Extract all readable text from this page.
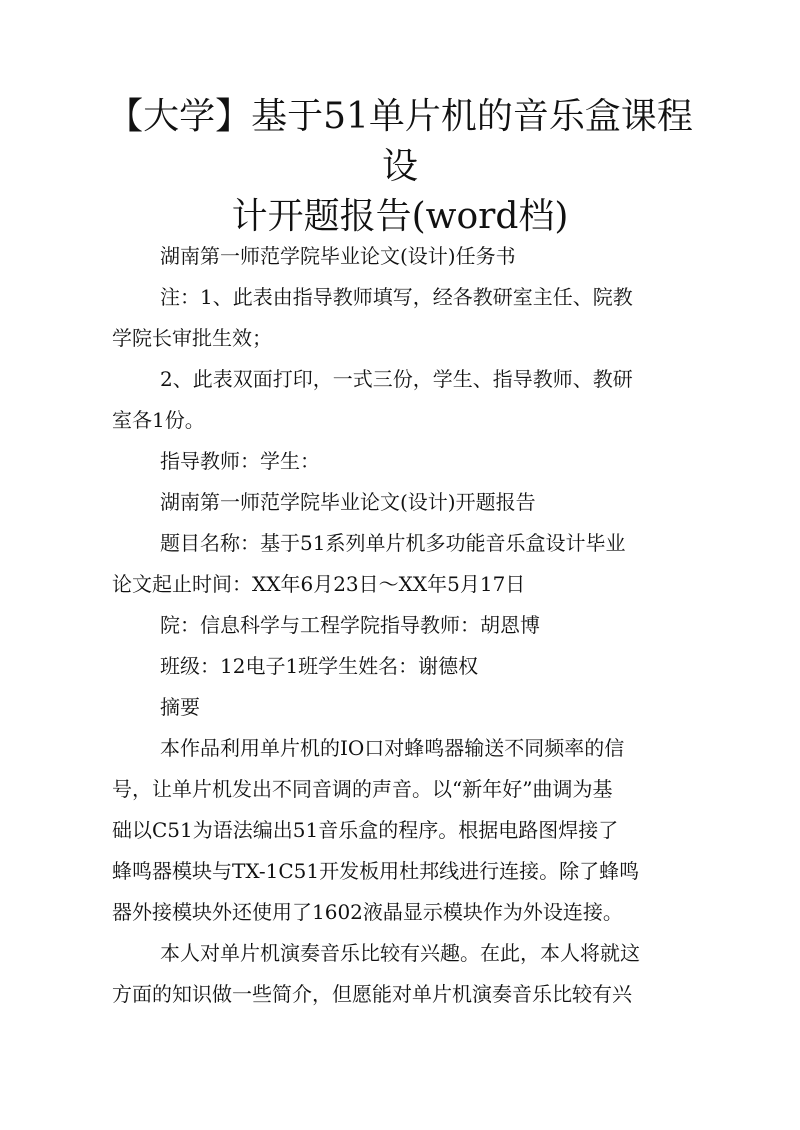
【大学】基于51单片机的音乐盒课程设
计开题报告(word档)

湖南第一师范学院毕业论文(设计)任务书

注：1、此表由指导教师填写，经各教研室主任、院教
学院长审批生效；

2、此表双面打印，一式三份，学生、指导教师、教研
室各1份。

指导教师：学生：

湖南第一师范学院毕业论文(设计)开题报告

题目名称：基于51系列单片机多功能音乐盒设计毕业
论文起止时间：XX年6月23日～XX年5月17日

院：信息科学与工程学院指导教师：胡恩博

班级：12电子1班学生姓名：谢德权

摘要

本作品利用单片机的IO口对蜂鸣器输送不同频率的信
号，让单片机发出不同音调的声音。以“新年好”曲调为基
础以C51为语法编出51音乐盒的程序。根据电路图焊接了
蜂鸣器模块与TX-1C51开发板用杜邦线进行连接。除了蜂鸣
器外接模块外还使用了1602液晶显示模块作为外设连接。

本人对单片机演奏音乐比较有兴趣。在此，本人将就这
方面的知识做一些简介，但愿能对单片机演奏音乐比较有兴
